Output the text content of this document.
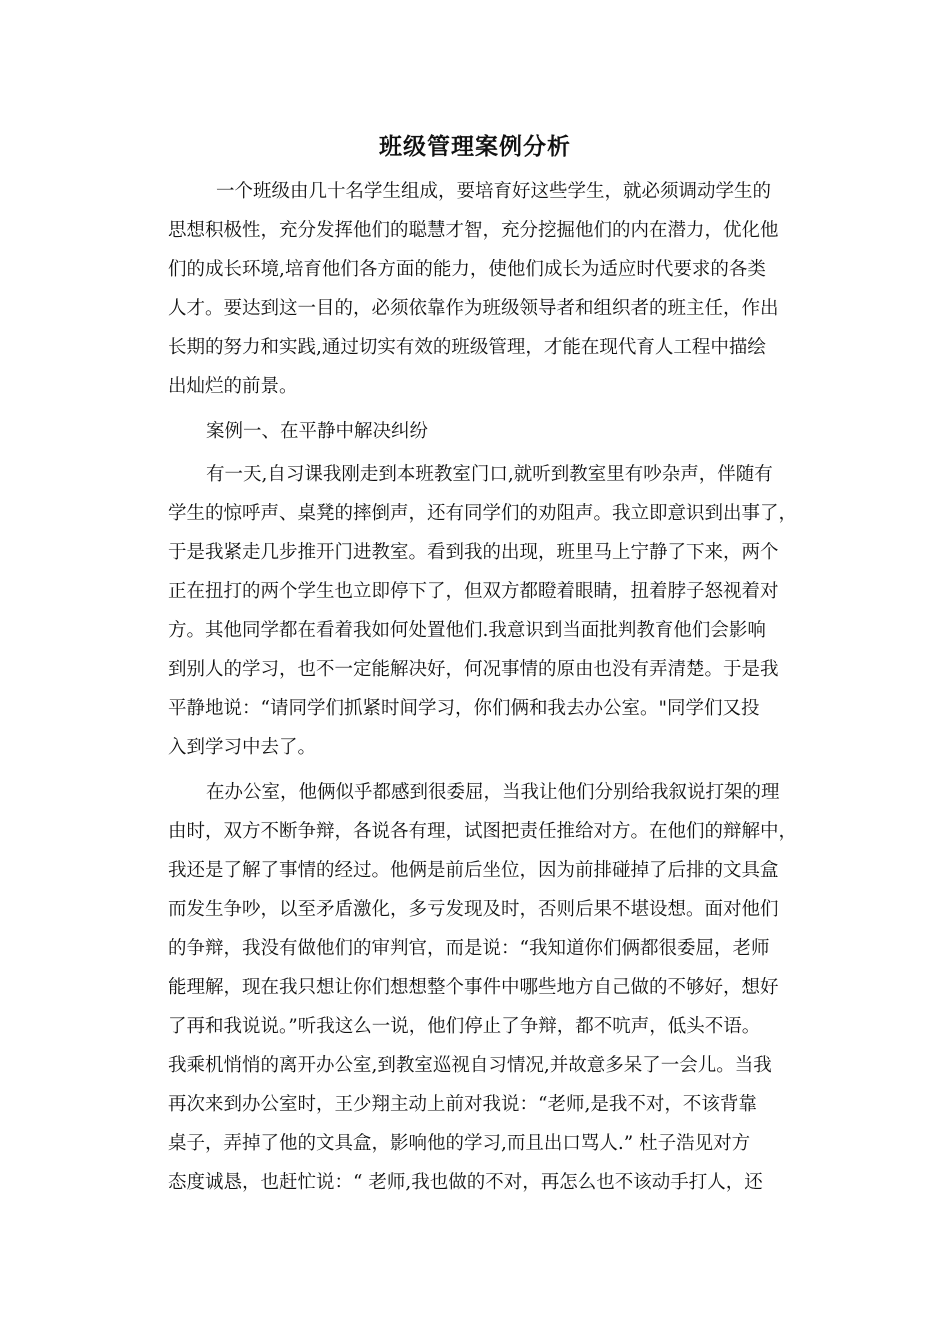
班级管理案例分析
一个班级由几十名学生组成，要培育好这些学生，就必须调动学生的
思想积极性，充分发挥他们的聪慧才智，充分挖掘他们的内在潜力，优化他
们的成长环境,培育他们各方面的能力，使他们成长为适应时代要求的各类
人才。要达到这一目的，必须依靠作为班级领导者和组织者的班主任，作出
长期的努力和实践,通过切实有效的班级管理，才能在现代育人工程中描绘
出灿烂的前景。
案例一、在平静中解决纠纷
有一天,自习课我刚走到本班教室门口,就听到教室里有吵杂声，伴随有
学生的惊呼声、桌凳的摔倒声，还有同学们的劝阻声。我立即意识到出事了，
于是我紧走几步推开门进教室。看到我的出现，班里马上宁静了下来，两个
正在扭打的两个学生也立即停下了，但双方都瞪着眼睛，扭着脖子怒视着对
方。其他同学都在看着我如何处置他们.我意识到当面批判教育他们会影响
到别人的学习，也不一定能解决好，何况事情的原由也没有弄清楚。于是我
平静地说：“请同学们抓紧时间学习，你们俩和我去办公室。"同学们又投
入到学习中去了。
在办公室，他俩似乎都感到很委屈，当我让他们分别给我叙说打架的理
由时，双方不断争辩，各说各有理，试图把责任推给对方。在他们的辩解中，
我还是了解了事情的经过。他俩是前后坐位，因为前排碰掉了后排的文具盒
而发生争吵，以至矛盾激化，多亏发现及时，否则后果不堪设想。面对他们
的争辩，我没有做他们的审判官，而是说：“我知道你们俩都很委屈，老师
能理解，现在我只想让你们想想整个事件中哪些地方自己做的不够好，想好
了再和我说说。”听我这么一说，他们停止了争辩，都不吭声，低头不语。
我乘机悄悄的离开办公室,到教室巡视自习情况,并故意多呆了一会儿。当我
再次来到办公室时，王少翔主动上前对我说：“老师,是我不对，不该背靠
桌子，弄掉了他的文具盒，影响他的学习,而且出口骂人.” 杜子浩见对方
态度诚恳，也赶忙说：“ 老师,我也做的不对，再怎么也不该动手打人，还
